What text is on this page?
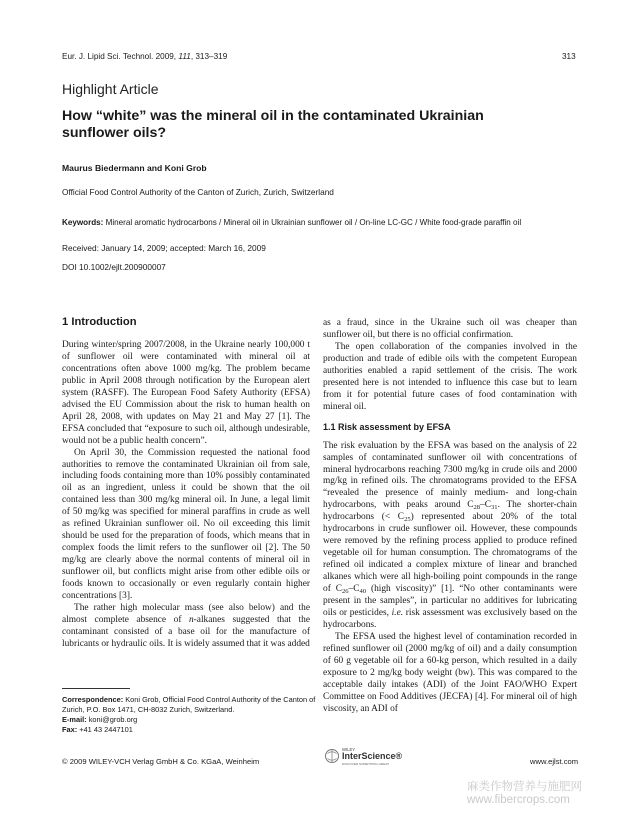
Eur. J. Lipid Sci. Technol. 2009, 111, 313–319	313
Highlight Article
How “white” was the mineral oil in the contaminated Ukrainian sunflower oils?
Maurus Biedermann and Koni Grob
Official Food Control Authority of the Canton of Zurich, Zurich, Switzerland
Keywords: Mineral aromatic hydrocarbons / Mineral oil in Ukrainian sunflower oil / On-line LC-GC / White food-grade paraffin oil
Received: January 14, 2009; accepted: March 16, 2009
DOI 10.1002/ejlt.200900007
1 Introduction

During winter/spring 2007/2008, in the Ukraine nearly 100,000 t of sunflower oil were contaminated with mineral oil at concentrations often above 1000 mg/kg. The problem became public in April 2008 through notification by the European alert system (RASFF). The European Food Safety Authority (EFSA) advised the EU Commission about the risk to human health on April 28, 2008, with updates on May 21 and May 27 [1]. The EFSA concluded that “exposure to such oil, although undesirable, would not be a public health concern”.

On April 30, the Commission requested the national food authorities to remove the contaminated Ukrainian oil from sale, including foods containing more than 10% possibly contaminated oil as an ingredient, unless it could be shown that the oil contained less than 300 mg/kg mineral oil. In June, a legal limit of 50 mg/kg was specified for mineral paraffins in crude as well as refined Ukrainian sunflower oil. No oil exceeding this limit should be used for the preparation of foods, which means that in complex foods the limit refers to the sunflower oil [2]. The 50 mg/kg are clearly above the normal contents of mineral oil in sunflower oil, but conflicts might arise from other edible oils or foods known to occasionally or even regularly contain higher concentrations [3].

The rather high molecular mass (see also below) and the almost complete absence of n-alkanes suggested that the contaminant consisted of a base oil for the manufacture of lubricants or hydraulic oils. It is widely assumed that it was added

Correspondence: Koni Grob, Official Food Control Authority of the Canton of Zurich, P.O. Box 1471, CH-8032 Zurich, Switzerland.
E-mail: koni@grob.org
Fax: +41 43 2447101

as a fraud, since in the Ukraine such oil was cheaper than sunflower oil, but there is no official confirmation.

The open collaboration of the companies involved in the production and trade of edible oils with the competent European authorities enabled a rapid settlement of the crisis. The work presented here is not intended to influence this case but to learn from it for potential future cases of food contamination with mineral oil.

1.1 Risk assessment by EFSA

The risk evaluation by the EFSA was based on the analysis of 22 samples of contaminated sunflower oil with concentrations of mineral hydrocarbons reaching 7300 mg/kg in crude oils and 2000 mg/kg in refined oils. The chromatograms provided to the EFSA “revealed the presence of mainly medium- and long-chain hydrocarbons, with peaks around $C_{28}-C_{31}$. The shorter-chain hydrocarbons (< $C_{25}$) represented about 20% of the total hydrocarbons in crude sunflower oil. However, these compounds were removed by the refining process applied to produce refined vegetable oil for human consumption. The chromatograms of the refined oil indicated a complex mixture of linear and branched alkanes which were all high-boiling point compounds in the range of $C_{26}-C_{40}$ (high viscosity)” [1]. “No other contaminants were present in the samples”, in particular no additives for lubricating oils or pesticides, i.e. risk assessment was exclusively based on the hydrocarbons.

The EFSA used the highest level of contamination recorded in refined sunflower oil (2000 mg/kg of oil) and a daily consumption of 60 g vegetable oil for a 60-kg person, which resulted in a daily exposure to 2 mg/kg body weight (bw). This was compared to the acceptable daily intakes (ADI) of the Joint FAO/WHO Expert Committee on Food Additives (JECFA) [4]. For mineral oil of high viscosity, an ADI of

© 2009 WILEY-VCH Verlag GmbH & Co. KGaA, Weinheim
WILEY
InterScience®
DISCOVER SOMETHING GREAT	www.ejlst.com
麻类作物营养与施肥网
www.fibercrops.com
